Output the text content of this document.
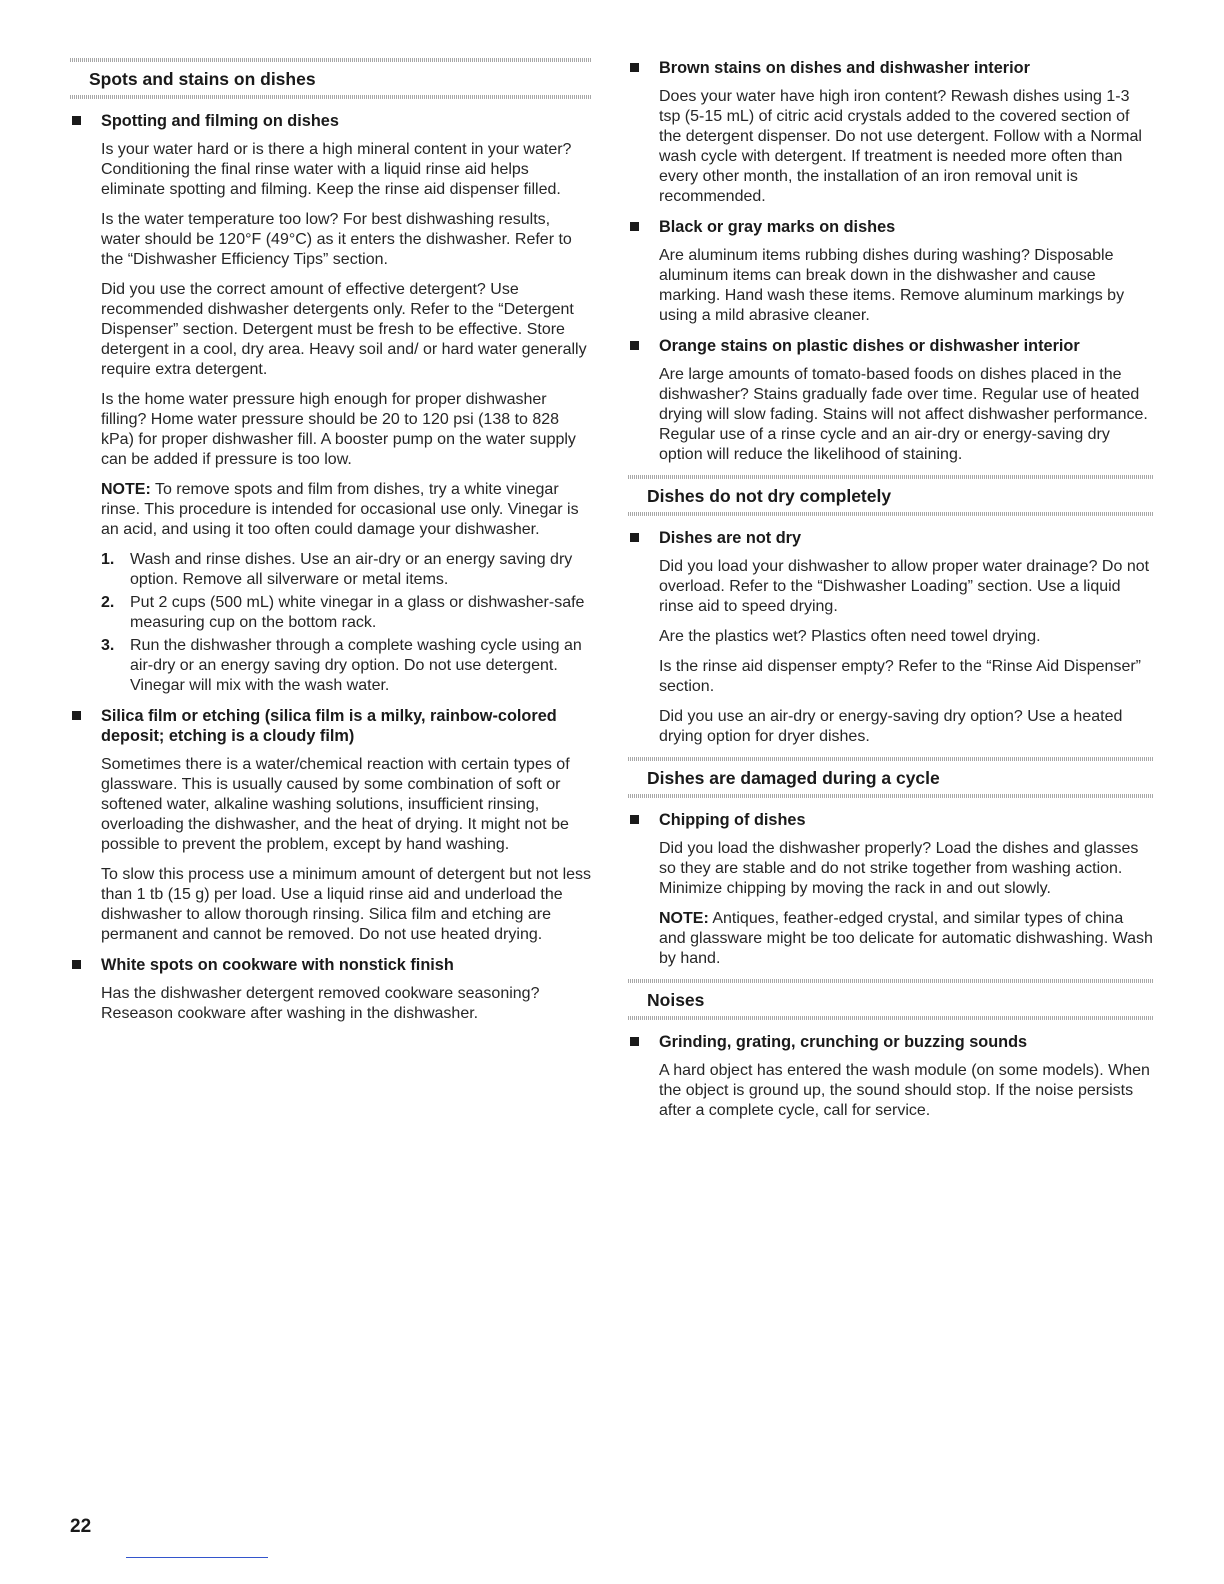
Spots and stains on dishes
Spotting and filming on dishes

Is your water hard or is there a high mineral content in your water? Conditioning the final rinse water with a liquid rinse aid helps eliminate spotting and filming. Keep the rinse aid dispenser filled.

Is the water temperature too low? For best dishwashing results, water should be 120°F (49°C) as it enters the dishwasher. Refer to the “Dishwasher Efficiency Tips” section.

Did you use the correct amount of effective detergent? Use recommended dishwasher detergents only. Refer to the “Detergent Dispenser” section. Detergent must be fresh to be effective. Store detergent in a cool, dry area. Heavy soil and/ or hard water generally require extra detergent.

Is the home water pressure high enough for proper dishwasher filling? Home water pressure should be 20 to 120 psi (138 to 828 kPa) for proper dishwasher fill. A booster pump on the water supply can be added if pressure is too low.

NOTE: To remove spots and film from dishes, try a white vinegar rinse. This procedure is intended for occasional use only. Vinegar is an acid, and using it too often could damage your dishwasher.

1. Wash and rinse dishes. Use an air-dry or an energy saving dry option. Remove all silverware or metal items.
2. Put 2 cups (500 mL) white vinegar in a glass or dishwasher-safe measuring cup on the bottom rack.
3. Run the dishwasher through a complete washing cycle using an air-dry or an energy saving dry option. Do not use detergent. Vinegar will mix with the wash water.
Silica film or etching (silica film is a milky, rainbow-colored deposit; etching is a cloudy film)

Sometimes there is a water/chemical reaction with certain types of glassware. This is usually caused by some combination of soft or softened water, alkaline washing solutions, insufficient rinsing, overloading the dishwasher, and the heat of drying. It might not be possible to prevent the problem, except by hand washing.

To slow this process use a minimum amount of detergent but not less than 1 tb (15 g) per load. Use a liquid rinse aid and underload the dishwasher to allow thorough rinsing. Silica film and etching are permanent and cannot be removed. Do not use heated drying.

White spots on cookware with nonstick finish

Has the dishwasher detergent removed cookware seasoning? Reseason cookware after washing in the dishwasher.

Brown stains on dishes and dishwasher interior

Does your water have high iron content? Rewash dishes using 1-3 tsp (5-15 mL) of citric acid crystals added to the covered section of the detergent dispenser. Do not use detergent. Follow with a Normal wash cycle with detergent. If treatment is needed more often than every other month, the installation of an iron removal unit is recommended.

Black or gray marks on dishes

Are aluminum items rubbing dishes during washing? Disposable aluminum items can break down in the dishwasher and cause marking. Hand wash these items. Remove aluminum markings by using a mild abrasive cleaner.

Orange stains on plastic dishes or dishwasher interior

Are large amounts of tomato-based foods on dishes placed in the dishwasher? Stains gradually fade over time. Regular use of heated drying will slow fading. Stains will not affect dishwasher performance. Regular use of a rinse cycle and an air-dry or energy-saving dry option will reduce the likelihood of staining.

Dishes do not dry completely
Dishes are not dry

Did you load your dishwasher to allow proper water drainage? Do not overload. Refer to the “Dishwasher Loading” section. Use a liquid rinse aid to speed drying.

Are the plastics wet? Plastics often need towel drying.

Is the rinse aid dispenser empty? Refer to the “Rinse Aid Dispenser” section.

Did you use an air-dry or energy-saving dry option? Use a heated drying option for dryer dishes.

Dishes are damaged during a cycle
Chipping of dishes

Did you load the dishwasher properly? Load the dishes and glasses so they are stable and do not strike together from washing action. Minimize chipping by moving the rack in and out slowly.

NOTE: Antiques, feather-edged crystal, and similar types of china and glassware might be too delicate for automatic dishwashing. Wash by hand.

Noises
Grinding, grating, crunching or buzzing sounds

A hard object has entered the wash module (on some models). When the object is ground up, the sound should stop. If the noise persists after a complete cycle, call for service.

22
